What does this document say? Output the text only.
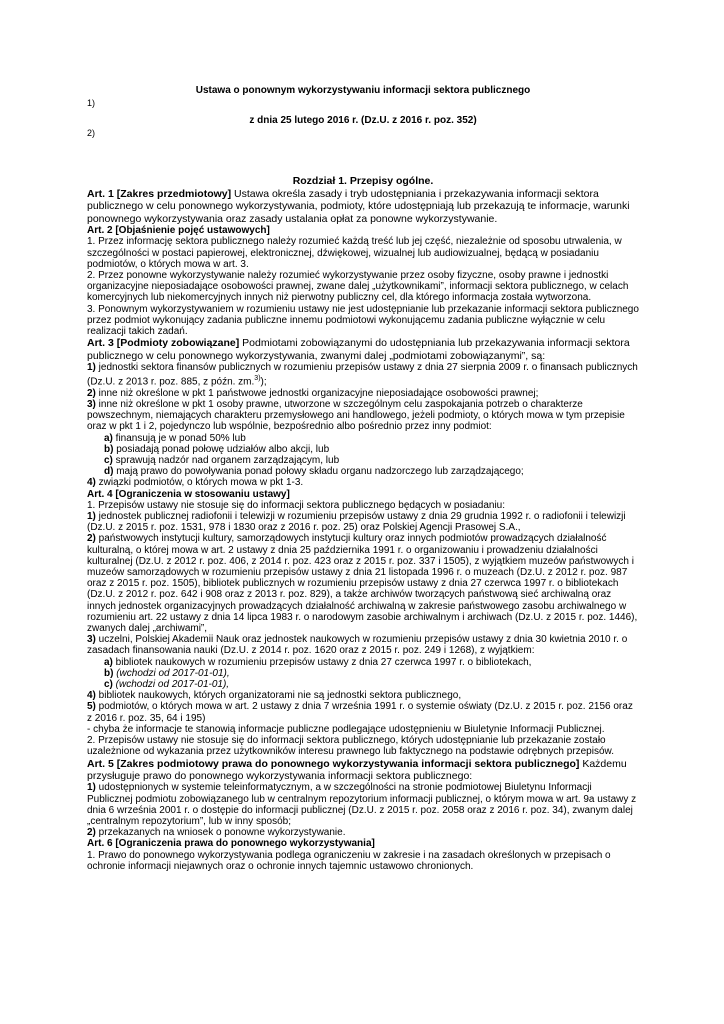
Ustawa o ponownym wykorzystywaniu informacji sektora publicznego

1)

z dnia 25 lutego 2016 r. (Dz.U. z 2016 r. poz. 352)

2)

Rozdział 1. Przepisy ogólne.

Art. 1 [Zakres przedmiotowy] Ustawa określa zasady i tryb udostępniania i przekazywania informacji sektora publicznego w celu ponownego wykorzystywania, podmioty, które udostępniają lub przekazują te informacje, warunki ponownego wykorzystywania oraz zasady ustalania opłat za ponowne wykorzystywanie.

Art. 2 [Objaśnienie pojęć ustawowych]

1. Przez informację sektora publicznego należy rozumieć każdą treść lub jej część, niezależnie od sposobu utrwalenia, w szczególności w postaci papierowej, elektronicznej, dźwiękowej, wizualnej lub audiowizualnej, będącą w posiadaniu podmiotów, o których mowa w art. 3.

2. Przez ponowne wykorzystywanie należy rozumieć wykorzystywanie przez osoby fizyczne, osoby prawne i jednostki organizacyjne nieposiadające osobowości prawnej, zwane dalej „użytkownikami”, informacji sektora publicznego, w celach komercyjnych lub niekomercyjnych innych niż pierwotny publiczny cel, dla którego informacja została wytworzona.

3. Ponownym wykorzystywaniem w rozumieniu ustawy nie jest udostępnianie lub przekazanie informacji sektora publicznego przez podmiot wykonujący zadania publiczne innemu podmiotowi wykonującemu zadania publiczne wyłącznie w celu realizacji takich zadań.

Art. 3 [Podmioty zobowiązane] Podmiotami zobowiązanymi do udostępniania lub przekazywania informacji sektora publicznego w celu ponownego wykorzystywania, zwanymi dalej „podmiotami zobowiązanymi”, są:

1) jednostki sektora finansów publicznych w rozumieniu przepisów ustawy z dnia 27 sierpnia 2009 r. o finansach publicznych (Dz.U. z 2013 r. poz. 885, z późn. zm.$^{3)}$);

2) inne niż określone w pkt 1 państwowe jednostki organizacyjne nieposiadające osobowości prawnej;

3) inne niż określone w pkt 1 osoby prawne, utworzone w szczególnym celu zaspokajania potrzeb o charakterze powszechnym, niemających charakteru przemysłowego ani handlowego, jeżeli podmioty, o których mowa w tym przepisie oraz w pkt 1 i 2, pojedynczo lub wspólnie, bezpośrednio albo pośrednio przez inny podmiot:

a) finansują je w ponad 50% lub

b) posiadają ponad połowę udziałów albo akcji, lub

c) sprawują nadzór nad organem zarządzającym, lub

d) mają prawo do powoływania ponad połowy składu organu nadzorczego lub zarządzającego;

4) związki podmiotów, o których mowa w pkt 1-3.

Art. 4 [Ograniczenia w stosowaniu ustawy]

1. Przepisów ustawy nie stosuje się do informacji sektora publicznego będących w posiadaniu:

1) jednostek publicznej radiofonii i telewizji w rozumieniu przepisów ustawy z dnia 29 grudnia 1992 r. o radiofonii i telewizji (Dz.U. z 2015 r. poz. 1531, 978 i 1830 oraz z 2016 r. poz. 25) oraz Polskiej Agencji Prasowej S.A.,

2) państwowych instytucji kultury, samorządowych instytucji kultury oraz innych podmiotów prowadzących działalność kulturalną, o której mowa w art. 2 ustawy z dnia 25 października 1991 r. o organizowaniu i prowadzeniu działalności kulturalnej (Dz.U. z 2012 r. poz. 406, z 2014 r. poz. 423 oraz z 2015 r. poz. 337 i 1505), z wyjątkiem muzeów państwowych i muzeów samorządowych w rozumieniu przepisów ustawy z dnia 21 listopada 1996 r. o muzeach (Dz.U. z 2012 r. poz. 987 oraz z 2015 r. poz. 1505), bibliotek publicznych w rozumieniu przepisów ustawy z dnia 27 czerwca 1997 r. o bibliotekach (Dz.U. z 2012 r. poz. 642 i 908 oraz z 2013 r. poz. 829), a także archiwów tworzących państwową sieć archiwalną oraz innych jednostek organizacyjnych prowadzących działalność archiwalną w zakresie państwowego zasobu archiwalnego w rozumieniu art. 22 ustawy z dnia 14 lipca 1983 r. o narodowym zasobie archiwalnym i archiwach (Dz.U. z 2015 r. poz. 1446), zwanych dalej „archiwami”,

3) uczelni, Polskiej Akademii Nauk oraz jednostek naukowych w rozumieniu przepisów ustawy z dnia 30 kwietnia 2010 r. o zasadach finansowania nauki (Dz.U. z 2014 r. poz. 1620 oraz z 2015 r. poz. 249 i 1268), z wyjątkiem:

a) bibliotek naukowych w rozumieniu przepisów ustawy z dnia 27 czerwca 1997 r. o bibliotekach,

b) (wchodzi od 2017-01-01),

c) (wchodzi od 2017-01-01),

4) bibliotek naukowych, których organizatorami nie są jednostki sektora publicznego,

5) podmiotów, o których mowa w art. 2 ustawy z dnia 7 września 1991 r. o systemie oświaty (Dz.U. z 2015 r. poz. 2156 oraz z 2016 r. poz. 35, 64 i 195)

- chyba że informacje te stanowią informacje publiczne podlegające udostępnieniu w Biuletynie Informacji Publicznej.

2. Przepisów ustawy nie stosuje się do informacji sektora publicznego, których udostępnianie lub przekazanie zostało uzależnione od wykazania przez użytkowników interesu prawnego lub faktycznego na podstawie odrębnych przepisów.

Art. 5 [Zakres podmiotowy prawa do ponownego wykorzystywania informacji sektora publicznego] Każdemu przysługuje prawo do ponownego wykorzystywania informacji sektora publicznego:

1) udostępnionych w systemie teleinformatycznym, a w szczególności na stronie podmiotowej Biuletynu Informacji Publicznej podmiotu zobowiązanego lub w centralnym repozytorium informacji publicznej, o którym mowa w art. 9a ustawy z dnia 6 września 2001 r. o dostępie do informacji publicznej (Dz.U. z 2015 r. poz. 2058 oraz z 2016 r. poz. 34), zwanym dalej „centralnym repozytorium”, lub w inny sposób;

2) przekazanych na wniosek o ponowne wykorzystywanie.

Art. 6 [Ograniczenia prawa do ponownego wykorzystywania]

1. Prawo do ponownego wykorzystywania podlega ograniczeniu w zakresie i na zasadach określonych w przepisach o ochronie informacji niejawnych oraz o ochronie innych tajemnic ustawowo chronionych.
